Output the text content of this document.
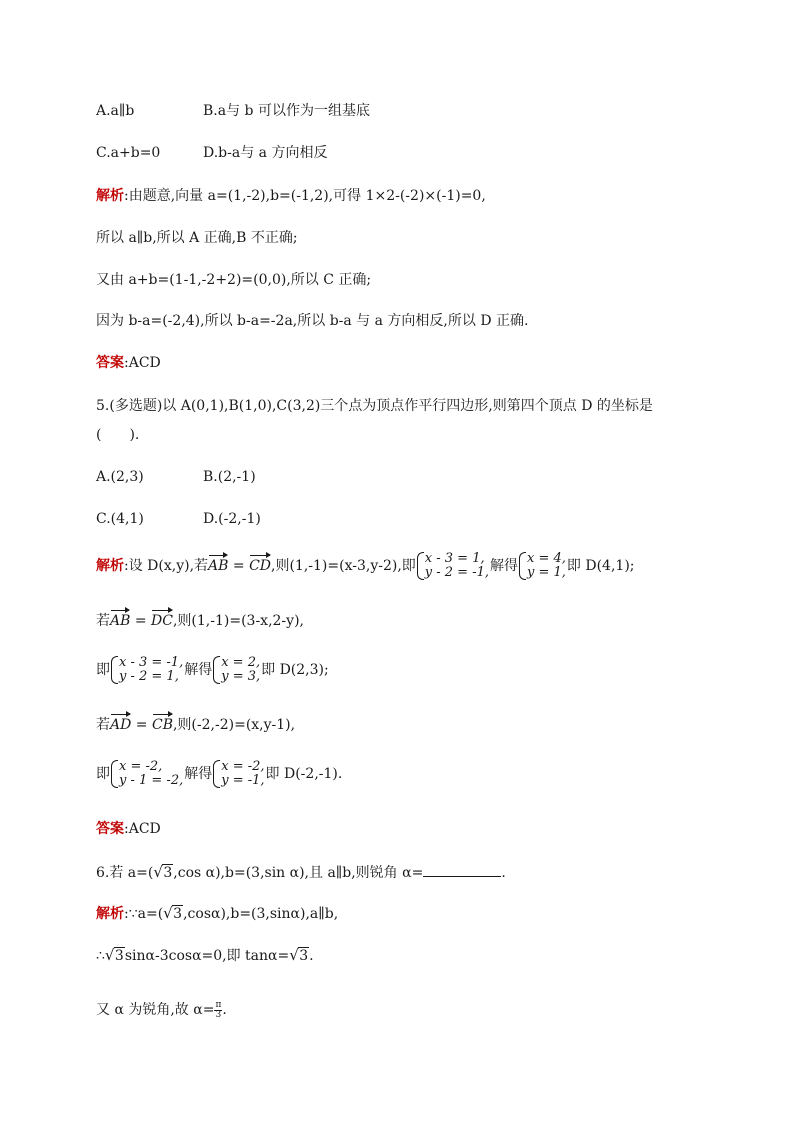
A.a∥b	B.a与 b 可以作为一组基底
C.a+b=0	D.b-a与 a 方向相反
解析:由题意,向量 a=(1,-2),b=(-1,2),可得 1×2-(-2)×(-1)=0,
所以 a∥b,所以 A 正确,B 不正确;
又由 a+b=(1-1,-2+2)=(0,0),所以 C 正确;
因为 b-a=(-2,4),所以 b-a=-2a,所以 b-a 与 a 方向相反,所以 D 正确.
答案:ACD
5.(多选题)以 A(0,1),B(1,0),C(3,2)三个点为顶点作平行四边形,则第四个顶点 D 的坐标是
(　　).
A.(2,3)	B.(2,-1)
C.(4,1)	D.(-2,-1)
解析:设 D(x,y),若AB = CD,则(1,-1)=(x-3,y-2),即 x - 3 = 1,
y - 2 = -1, 解得 x = 4,
y = 1, 即 D(4,1);
若AB = DC,则(1,-1)=(3-x,2-y),
即 x - 3 = -1,
y - 2 = 1, 解得 x = 2,
y = 3, 即 D(2,3);
若AD = CB,则(-2,-2)=(x,y-1),
即 x = -2,
y - 1 = -2, 解得 x = -2,
y = -1, 即 D(-2,-1).
答案:ACD
6.若 a=( √ 3,cos α),b=(3,sin α),且 a∥b,则锐角 α=	.
解析:∵a=( √ 3,cosα),b=(3,sinα),a∥b,
∴ √ 3sinα-3cosα=0,即 tanα= √ 3.
又 α 为锐角,故 $\alpha= \frac{\pi}{3}$ .
